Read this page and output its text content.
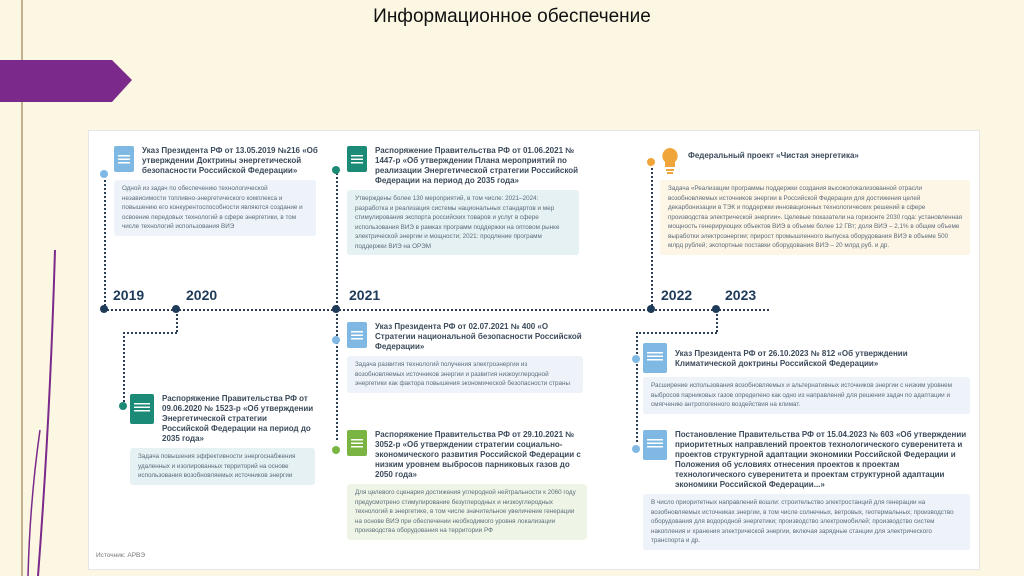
Информационное обеспечение
2019	2020	2021	2022 2023
Указ Президента РФ от 13.05.2019 №216 «Об утверждении Доктрины энергетической безопасности Российской Федерации»
Одной из задач по обеспечению технологической независимости топливно-энергетического комплекса и повышению его конкурентоспособности являются создание и освоение передовых технологий в сфере энергетики, в том числе технологий использования ВИЭ
Распоряжение Правительства РФ от 01.06.2021 № 1447-р «Об утверждении Плана мероприятий по реализации Энергетической стратегии Российской Федерации на период до 2035 года»
Утверждены более 130 мероприятий, в том числе: 2021–2024: разработка и реализация системы национальных стандартов и мер стимулирования экспорта российских товаров и услуг в сфере использования ВИЭ в рамках программ поддержки на оптовом рынке электрической энергии и мощности; 2021: продление программ поддержки ВИЭ на ОРЭМ
Федеральный проект «Чистая энергетика»
Задача «Реализации программы поддержки создания высоколокализованной отрасли возобновляемых источников энергии в Российской Федерации для достижения целей декарбонизации в ТЭК и поддержки инновационных технологических решений в сфере производства электрической энергии». Целевые показатели на горизонте 2030 года: установленная мощность генерирующих объектов ВИЭ в объеме более 12 ГВт; доля ВИЭ – 2,1% в общем объеме выработки электроэнергии; прирост промышленного выпуска оборудования ВИЭ в объеме 500 млрд рублей; экспортные поставки оборудования ВИЭ – 20 млрд руб. и др.
Распоряжение Правительства РФ от 09.06.2020 № 1523-р «Об утверждении Энергетической стратегии Российской Федерации на период до 2035 года»
Задача повышения эффективности энергоснабжения удаленных и изолированных территорий на основе использования возобновляемых источников энергии
Указ Президента РФ от 02.07.2021 № 400 «О Стратегии национальной безопасности Российской Федерации»
Задача развития технологий получения электроэнергии из возобновляемых источников энергии и развития низкоуглеродной энергетики как фактора повышения экономической безопасности страны
Распоряжение Правительства РФ от 29.10.2021 № 3052-р «Об утверждении стратегии социально-экономического развития Российской Федерации с низким уровнем выбросов парниковых газов до 2050 года»
Для целевого сценария достижения углеродной нейтральности к 2060 году предусмотрено стимулирование безуглеродных и низкоуглеродных технологий в энергетике, в том числе значительное увеличение генерации на основе ВИЭ при обеспечении необходимого уровня локализации производства оборудования на территории РФ
Указ Президента РФ от 26.10.2023 № 812 «Об утверждении Климатической доктрины Российской Федерации»
Расширение использования возобновляемых и альтернативных источников энергии с низким уровнем выбросов парниковых газов определено как одно из направлений для решения задач по адаптации и смягчению антропогенного воздействия на климат.
Постановление Правительства РФ от 15.04.2023 № 603 «Об утверждении приоритетных направлений проектов технологического суверенитета и проектов структурной адаптации экономики Российской Федерации и Положения об условиях отнесения проектов к проектам технологического суверенитета и проектам структурной адаптации экономики Российской Федерации...»
В число приоритетных направлений вошли: строительство электростанций для генерации на возобновляемых источниках энергии, в том числе солнечных, ветровых, геотермальных; производство оборудования для водородной энергетики; производство электромобилей; производство систем накопления и хранения электрической энергии, включая зарядные станции для электрического транспорта и др.
Источник: АРВЭ
